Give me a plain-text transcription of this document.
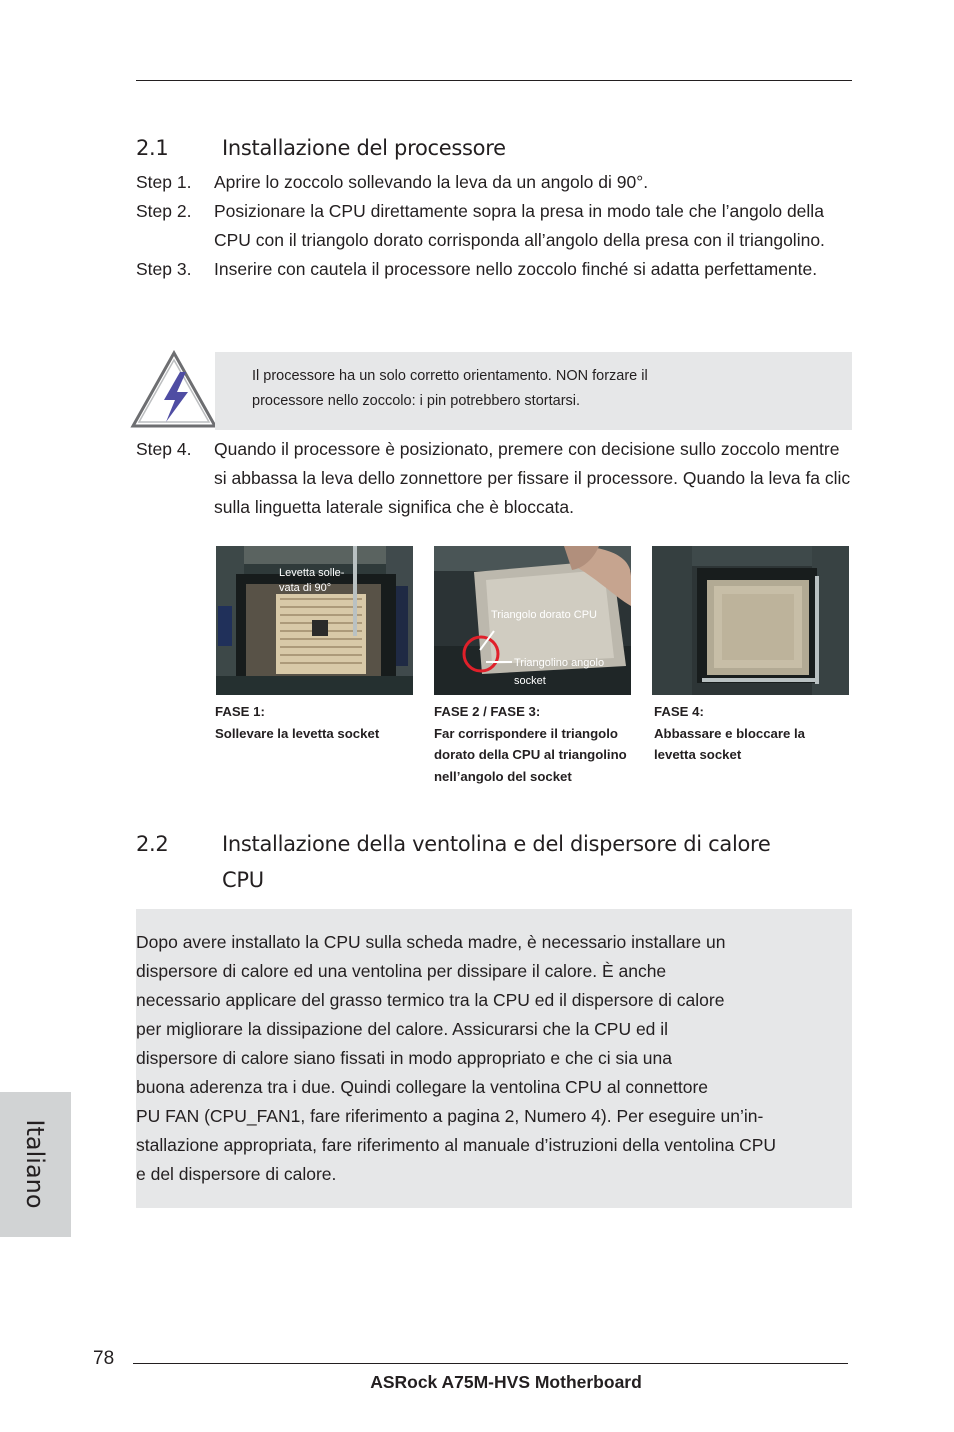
2.1	Installazione del processore
Step 1. Aprire lo zoccolo sollevando la leva da un angolo di 90°.
Step 2. Posizionare la CPU direttamente sopra la presa in modo tale che l’angolo della CPU con il triangolo dorato corrisponda all’angolo della presa con il triangolino.
Step 3. Inserire con cautela il processore nello zoccolo finché si adatta perfettamente.
Il processore ha un solo corretto orientamento. NON forzare il
processore nello zoccolo: i pin potrebbero stortarsi.
Step 4. Quando il processore è posizionato, premere con decisione sullo zoccolo mentre si abbassa la leva dello zonnettore per fissare il processore. Quando la leva fa clic sulla linguetta laterale significa che è bloccata.
Levetta solle-
vata di 90°
Triangolo dorato CPU
Triangolino angolo
socket
FASE 1:
Sollevare la levetta socket
FASE 2 / FASE 3:
Far corrispondere il triangolo
dorato della CPU al triangolino
nell’angolo del socket
FASE 4:
Abbassare e bloccare la
levetta socket
2.2	Installazione della ventolina e del dispersore di calore
CPU
Dopo avere installato la CPU sulla scheda madre, è necessario installare un
dispersore di calore ed una ventolina per dissipare il calore. È anche
necessario applicare del grasso termico tra la CPU ed il dispersore di calore
per migliorare la dissipazione del calore. Assicurarsi che la CPU ed il
dispersore di calore siano fissati in modo appropriato e che ci sia una
buona aderenza tra i due. Quindi collegare la ventolina CPU al connettore
PU FAN (CPU_FAN1, fare riferimento a pagina 2, Numero 4). Per eseguire un’in-
stallazione appropriata, fare riferimento al manuale d’istruzioni della ventolina CPU
e del dispersore di calore.
Italiano
78
ASRock A75M-HVS Motherboard
